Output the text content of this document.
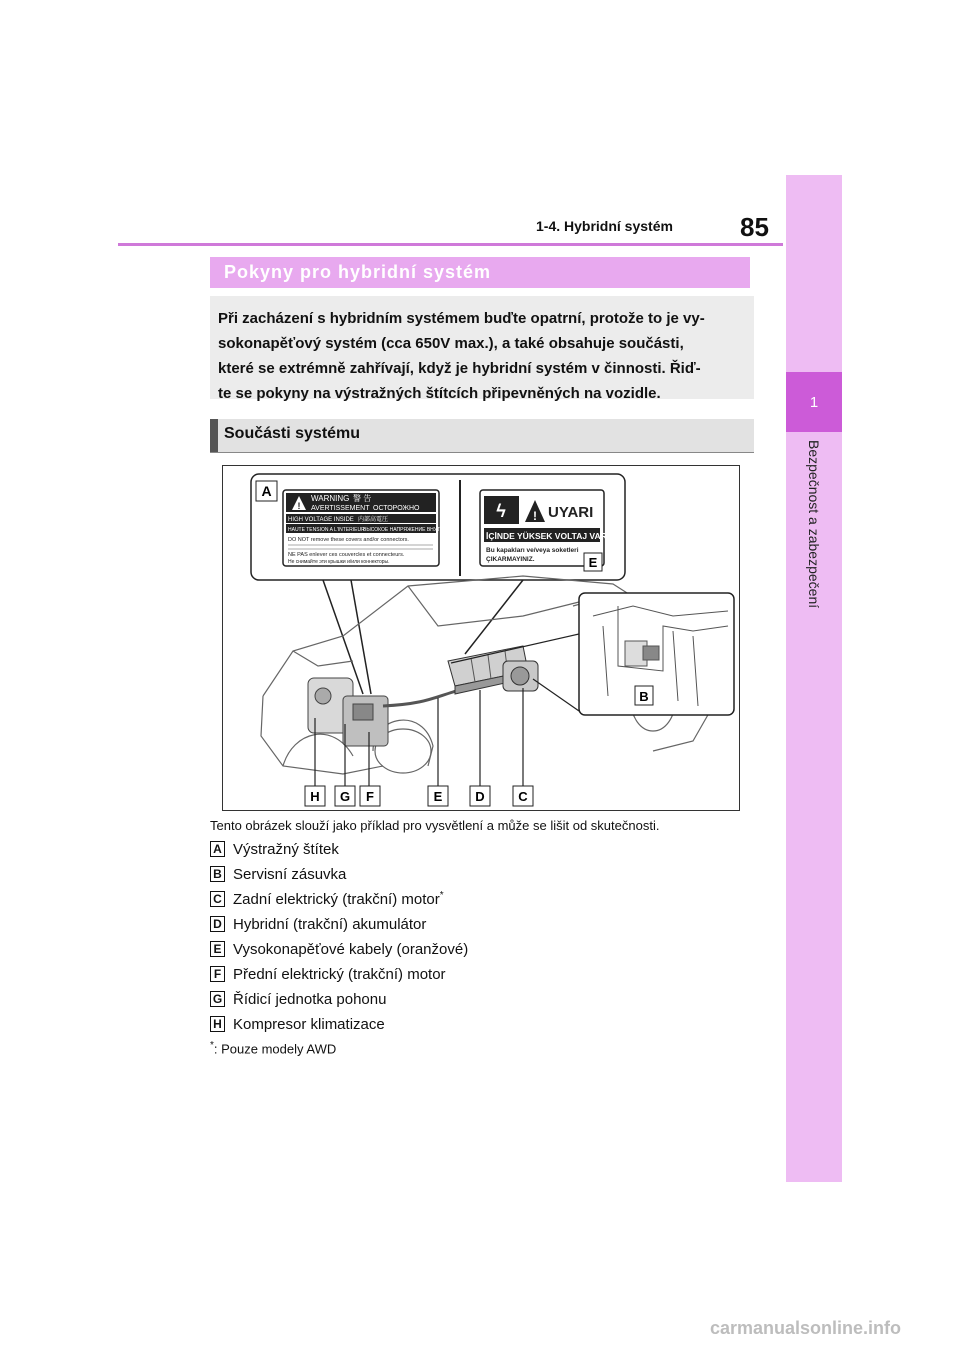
1
Bezpečnost a zabezpečení
85
1-4. Hybridní systém
Pokyny pro hybridní systém
Při zacházení s hybridním systémem buďte opatrní, protože to je vy-
sokonapěťový systém (cca 650V max.), a také obsahuje součásti,
které se extrémně zahřívají, když je hybridní systém v činnosti. Řiď-
te se pokyny na výstražných štítcích připevněných na vozidle.
Součásti systému
A
!
WARNING 警 告
AVERTISSEMENT ОСТОРОЖНО
HIGH VOLTAGE INSIDE 内部高電圧
HAUTE TENSION A L'INTERIEUR
ВЫСОКОЕ НАПРЯЖЕНИЕ ВНУТРИ
DO NOT remove these covers and/or connectors.
NE PAS enlever ces couvercles et connecteurs.
Не снимайте эти крышки и/или коннекторы.
ϟ ! UYARI
İÇİNDE YÜKSEK VOLTAJ VAR
Bu kapakları ve/veya soketleri
ÇIKARMAYINIZ.	E
B
H G F	E	D	C
Tento obrázek slouží jako příklad pro vysvětlení a může se lišit od skutečnosti.
A Výstražný štítek
B Servisní zásuvka
C Zadní elektrický (trakční) motor*
D Hybridní (trakční) akumulátor
E Vysokonapěťové kabely (oranžové)
F Přední elektrický (trakční) motor
G Řídicí jednotka pohonu
H Kompresor klimatizace
*: Pouze modely AWD
carmanualsonline.info
